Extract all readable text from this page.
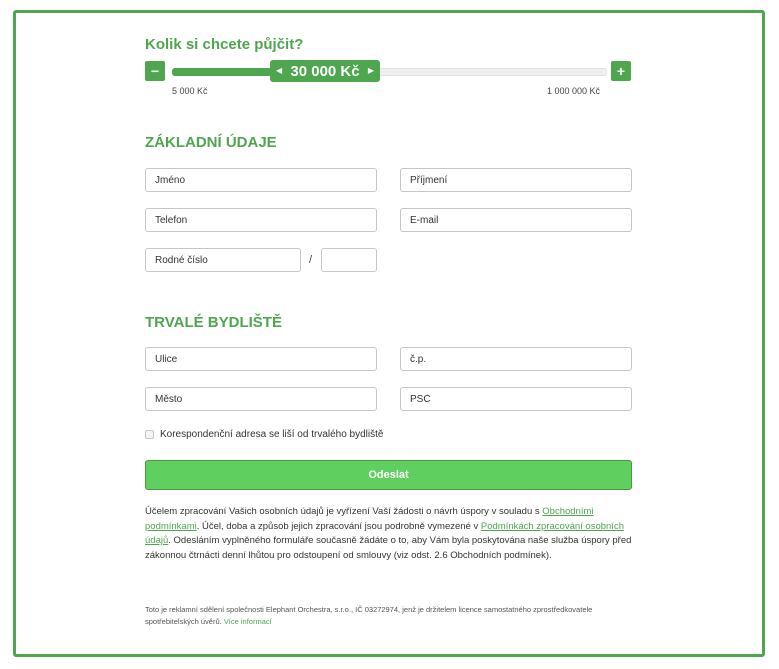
Kolik si chcete půjčit?
−	◀ 30 000 Kč ▶	+
5 000 Kč	1 000 000 Kč
ZÁKLADNÍ ÚDAJE
Jméno
Příjmení
Telefon
E-mail
Rodné číslo
/
TRVALÉ BYDLIŠTĚ
Ulice
č.p.
Město
PSČ
Korespondenční adresa se liší od trvalého bydliště
Odeslat
Účelem zpracování Vašich osobních údajů je vyřízení Vaší žádosti o návrh úspory v souladu s Obchodními podmínkami. Účel, doba a způsob jejich zpracování jsou podrobně vymezené v Podmínkách zpracování osobních údajů. Odesláním vyplněného formuláře současně žádáte o to, aby Vám byla poskytována naše služba úspory před zákonnou čtrnácti denní lhůtou pro odstoupení od smlouvy (viz odst. 2.6 Obchodních podmínek).
Toto je reklamní sdělení společnosti Elephant Orchestra, s.r.o., IČ 03272974, jenž je držitelem licence samostatného zprostředkovatele spotřebitelských úvěrů. Více informací
